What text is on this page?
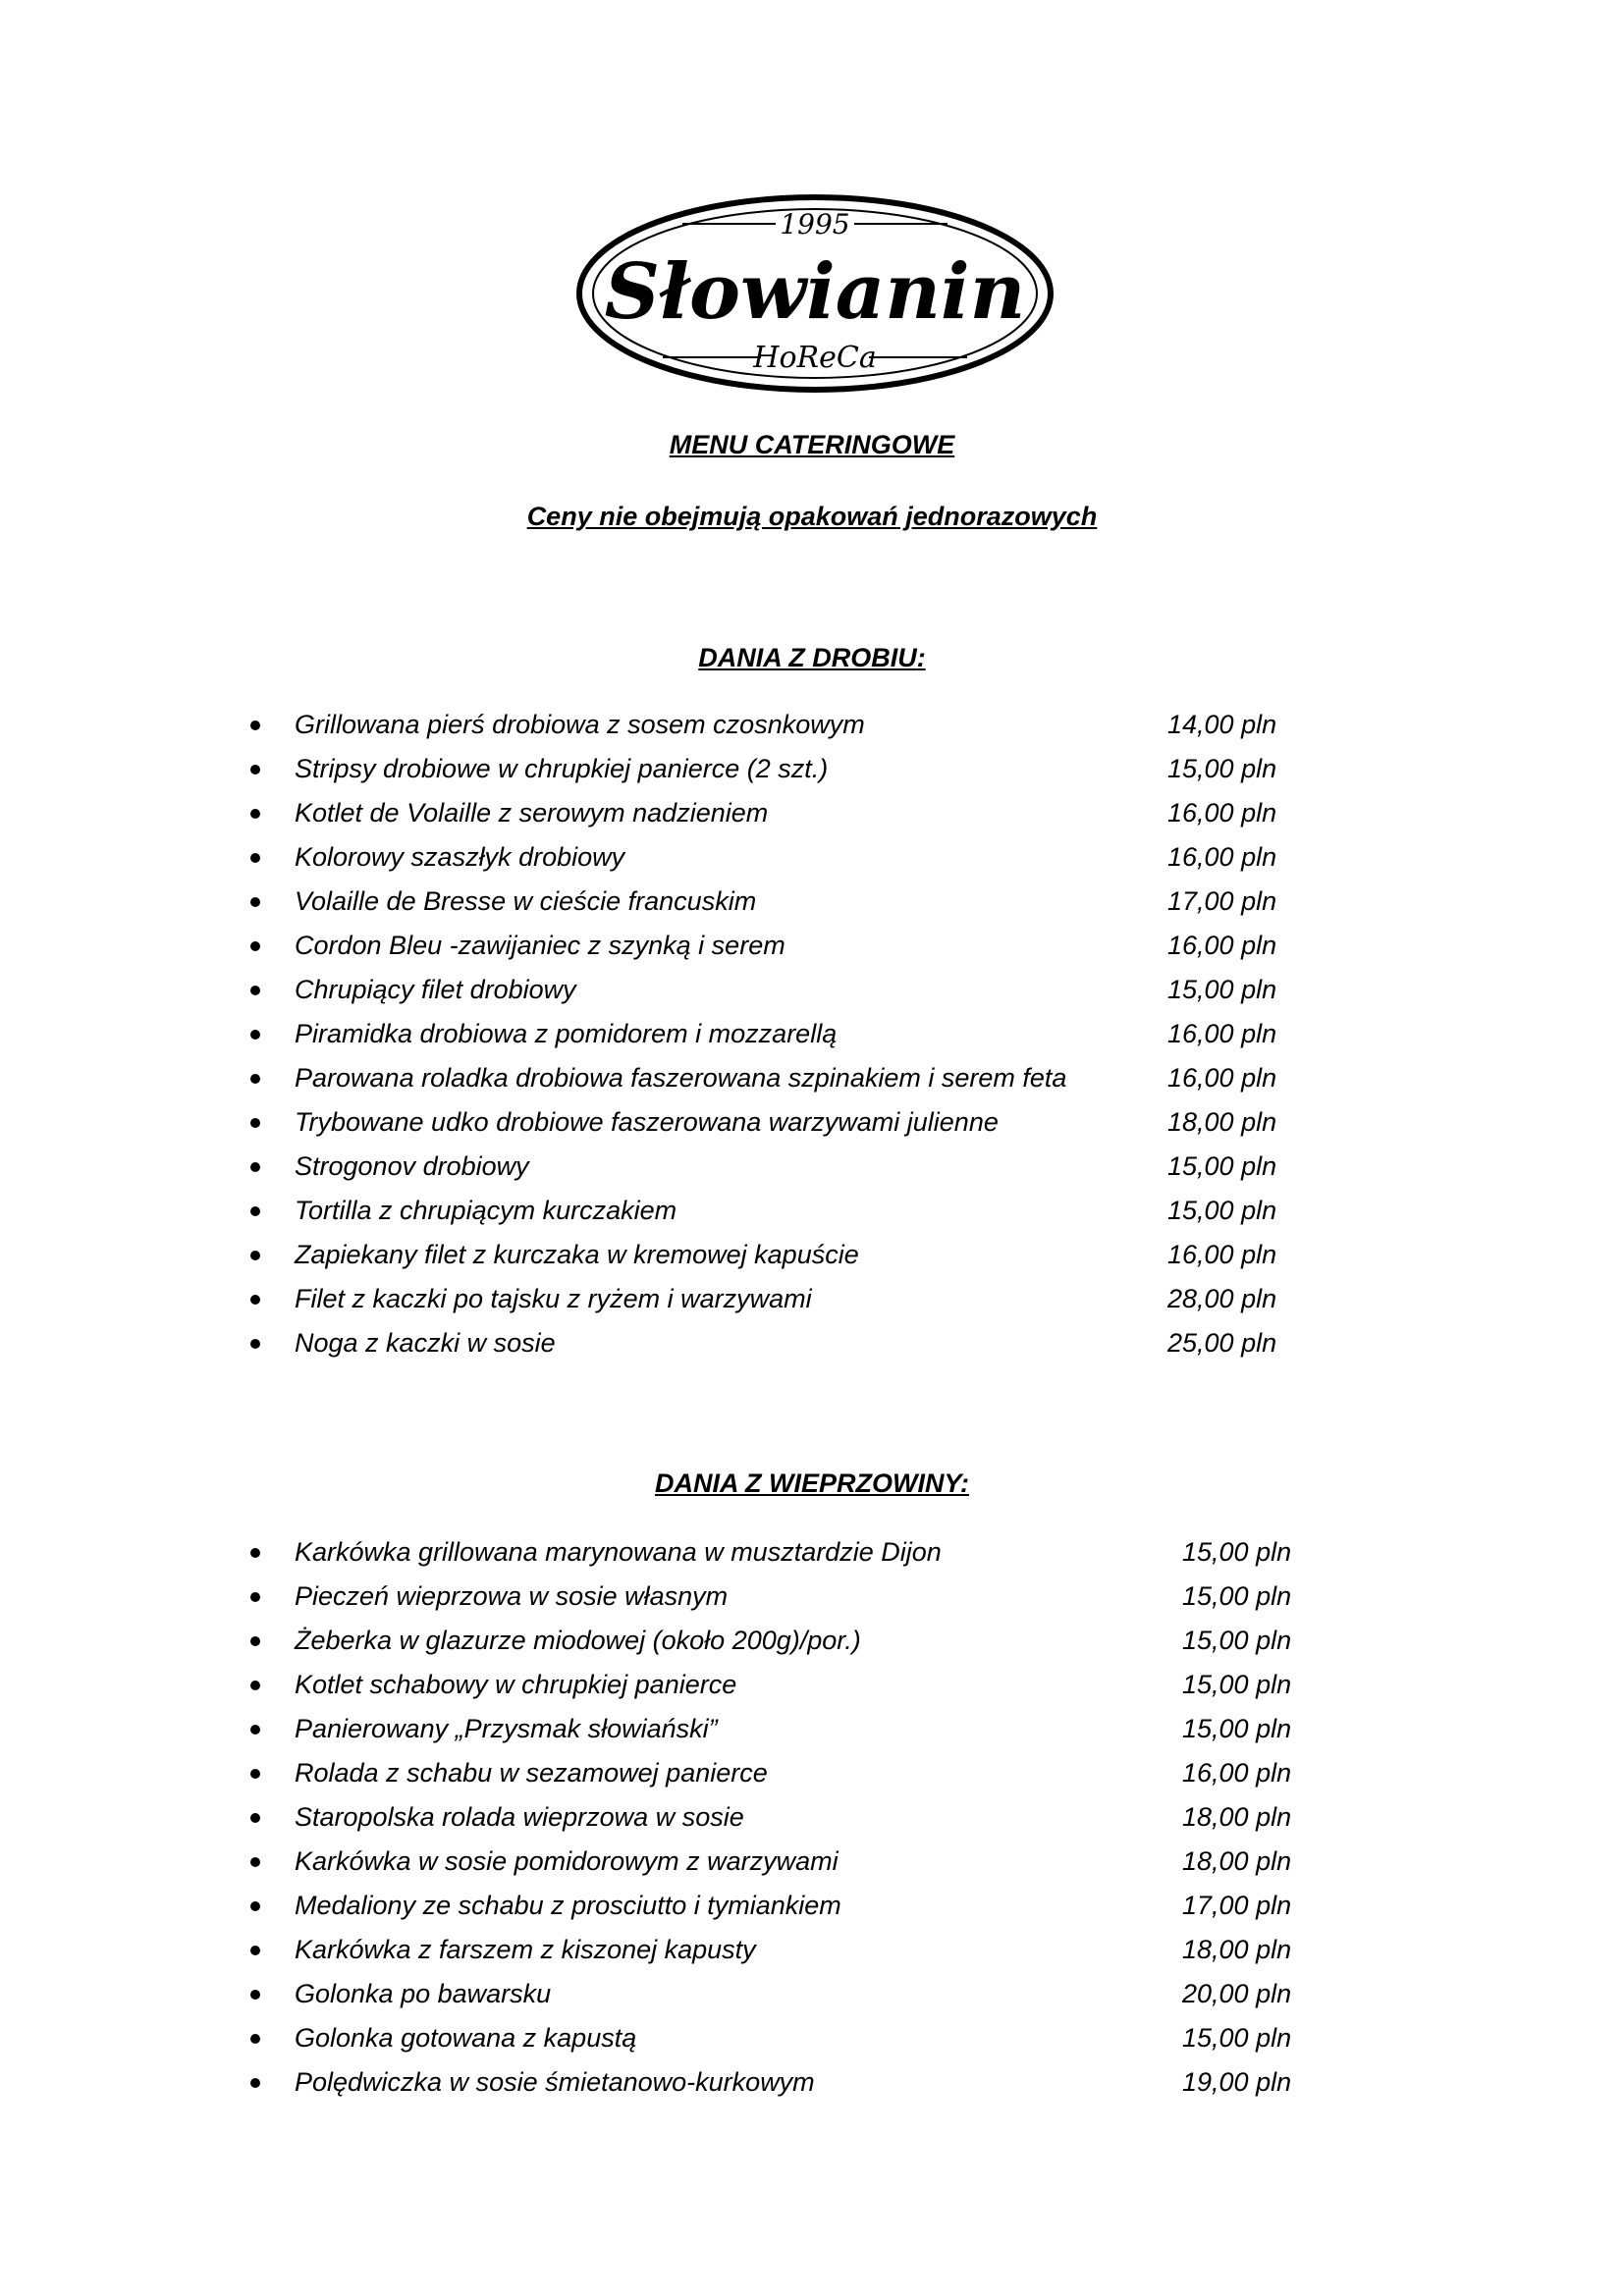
1995
Słowianin
HoReCa
MENU CATERINGOWE
Ceny nie obejmują opakowań jednorazowych
DANIA Z DROBIU:
Grillowana pierś drobiowa z sosem czosnkowym	14,00 pln
Stripsy drobiowe w chrupkiej panierce (2 szt.)	15,00 pln
Kotlet de Volaille z serowym nadzieniem	16,00 pln
Kolorowy szaszłyk drobiowy	16,00 pln
Volaille de Bresse w cieście francuskim	17,00 pln
Cordon Bleu -zawijaniec z szynką i serem	16,00 pln
Chrupiący filet drobiowy	15,00 pln
Piramidka drobiowa z pomidorem i mozzarellą	16,00 pln
Parowana roladka drobiowa faszerowana szpinakiem i serem feta	16,00 pln
Trybowane udko drobiowe faszerowana warzywami julienne	18,00 pln
Strogonov drobiowy	15,00 pln
Tortilla z chrupiącym kurczakiem	15,00 pln
Zapiekany filet z kurczaka w kremowej kapuście	16,00 pln
Filet z kaczki po tajsku z ryżem i warzywami	28,00 pln
Noga z kaczki w sosie	25,00 pln
DANIA Z WIEPRZOWINY:
Karkówka grillowana marynowana w musztardzie Dijon	15,00 pln
Pieczeń wieprzowa w sosie własnym	15,00 pln
Żeberka w glazurze miodowej (około 200g)/por.)	15,00 pln
Kotlet schabowy w chrupkiej panierce	15,00 pln
Panierowany „Przysmak słowiański”	15,00 pln
Rolada z schabu w sezamowej panierce	16,00 pln
Staropolska rolada wieprzowa w sosie	18,00 pln
Karkówka w sosie pomidorowym z warzywami	18,00 pln
Medaliony ze schabu z prosciutto i tymiankiem	17,00 pln
Karkówka z farszem z kiszonej kapusty	18,00 pln
Golonka po bawarsku	20,00 pln
Golonka gotowana z kapustą	15,00 pln
Polędwiczka w sosie śmietanowo-kurkowym	19,00 pln
